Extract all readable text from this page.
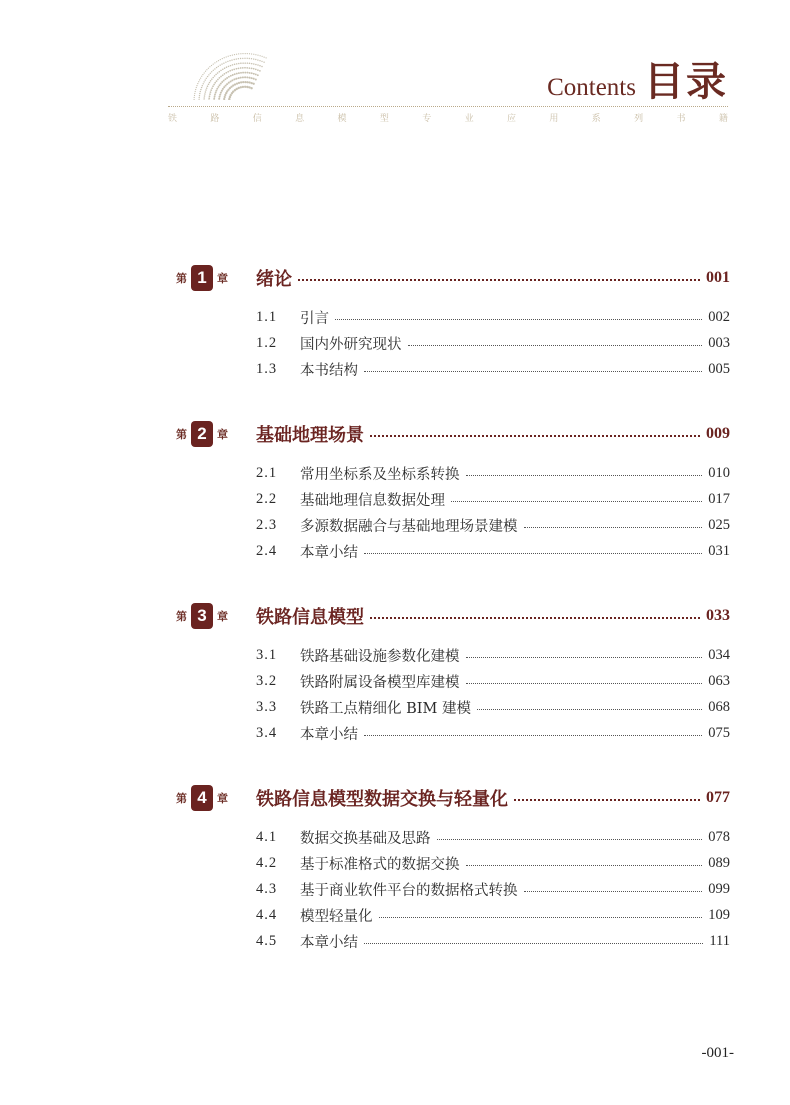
Contents 目录
铁	路	信	息	模	型	专	业	应	用	系	列	书	籍
第 1 章 绪论	001
1.1	引言	002
1.2	国内外研究现状	003
1.3	本书结构	005
第 2 章 基础地理场景	009
2.1	常用坐标系及坐标系转换	010
2.2	基础地理信息数据处理	017
2.3	多源数据融合与基础地理场景建模	025
2.4	本章小结	031
第 3 章 铁路信息模型	033
3.1	铁路基础设施参数化建模	034
3.2	铁路附属设备模型库建模	063
3.3	铁路工点精细化 BIM 建模	068
3.4	本章小结	075
第 4 章 铁路信息模型数据交换与轻量化	077
4.1	数据交换基础及思路	078
4.2	基于标准格式的数据交换	089
4.3	基于商业软件平台的数据格式转换	099
4.4	模型轻量化	109
4.5	本章小结	111
-001-
